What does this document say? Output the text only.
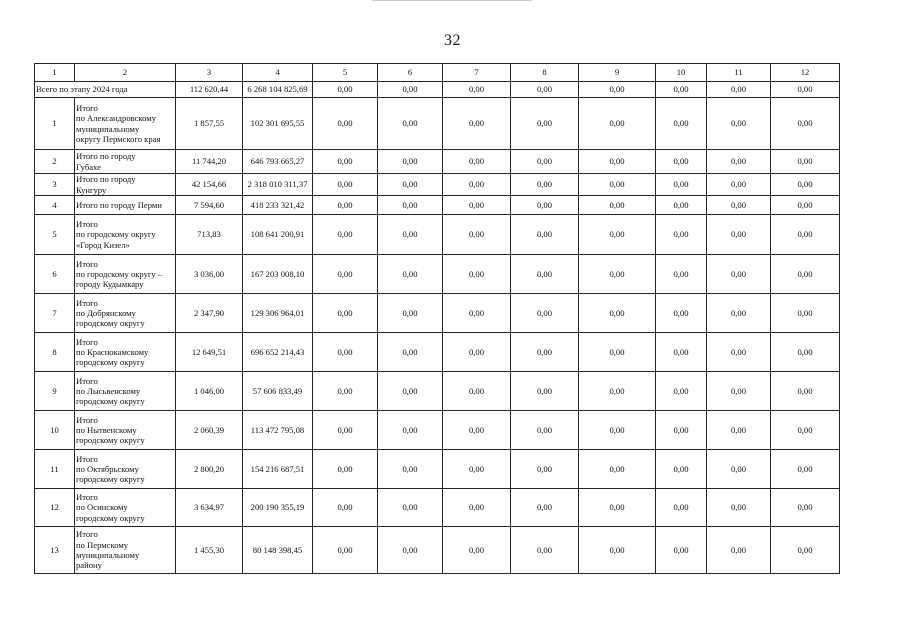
32
1	2	3	4	5	6	7	8	9	10	11	12
Всего по этапу 2024 года		112 620,44	6 268 104 825,69	0,00	0,00	0,00	0,00	0,00	0,00	0,00	0,00
1	Итого
по Александровскому
муниципальному
округу Пермского края	1 857,55	102 301 695,55	0,00	0,00	0,00	0,00	0,00	0,00	0,00	0,00
2	Итого по городу
Губахе	11 744,20	646 793 665,27	0,00	0,00	0,00	0,00	0,00	0,00	0,00	0,00
3	Итого по городу
Кунгуру	42 154,66	2 318 010 311,37	0,00	0,00	0,00	0,00	0,00	0,00	0,00	0,00
4	Итого по городу Перми	7 594,60	418 233 321,42	0,00	0,00	0,00	0,00	0,00	0,00	0,00	0,00
5	Итого
по городскому округу
«Город Кизел»	713,83	108 641 200,91	0,00	0,00	0,00	0,00	0,00	0,00	0,00	0,00
6	Итого
по городскому округу –
городу Кудымкару	3 036,00	167 203 008,10	0,00	0,00	0,00	0,00	0,00	0,00	0,00	0,00
7	Итого
по Добрянскому
городскому округу	2 347,90	129 306 964,01	0,00	0,00	0,00	0,00	0,00	0,00	0,00	0,00
8	Итого
по Краснокамскому
городскому округу	12 649,51	696 652 214,43	0,00	0,00	0,00	0,00	0,00	0,00	0,00	0,00
9	Итого
по Лысьвенскому
городскому округу	1 046,00	57 606 833,49	0,00	0,00	0,00	0,00	0,00	0,00	0,00	0,00
10	Итого
по Нытвенскому
городскому округу	2 060,39	113 472 795,08	0,00	0,00	0,00	0,00	0,00	0,00	0,00	0,00
11	Итого
по Октябрьскому
городскому округу	2 800,20	154 216 687,51	0,00	0,00	0,00	0,00	0,00	0,00	0,00	0,00
12	Итого
по Осинскому
городскому округу	3 634,97	200 190 355,19	0,00	0,00	0,00	0,00	0,00	0,00	0,00	0,00
13	Итого
по Пермскому
муниципальному
району	1 455,30	80 148 398,45	0,00	0,00	0,00	0,00	0,00	0,00	0,00	0,00
